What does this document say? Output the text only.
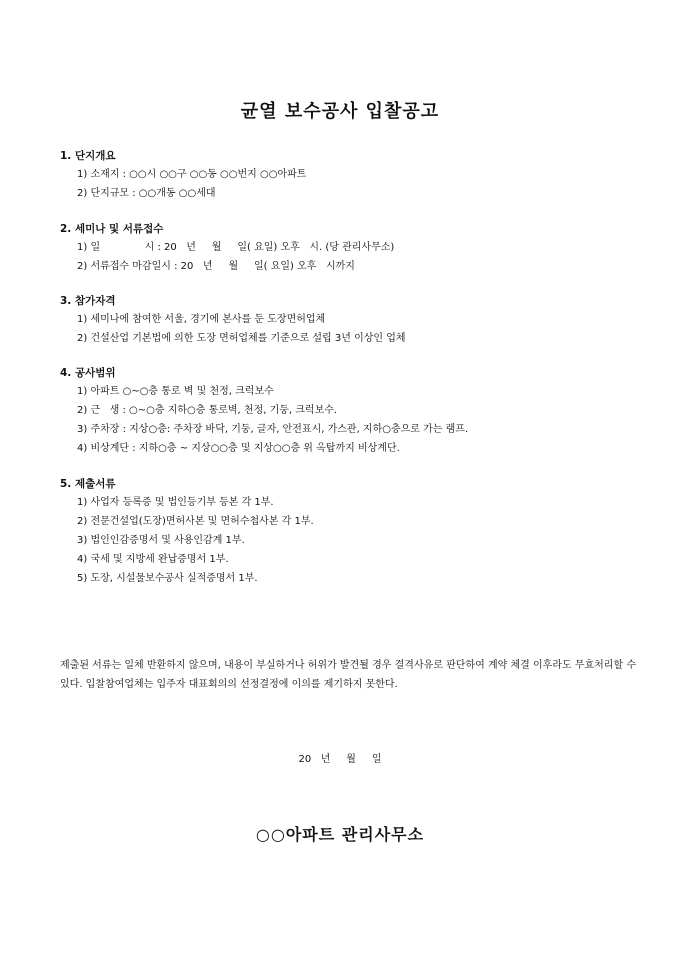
균열 보수공사 입찰공고
1. 단지개요
1) 소재지 : ○○시 ○○구 ○○동 ○○번지 ○○아파트
2) 단지규모 : ○○개동 ○○세대
2. 세미나 및 서류접수
1) 일              시 : 20   년     월     일( 요일) 오후   시. (당 관리사무소)
2) 서류접수 마감일시 : 20   년     월     일( 요일) 오후   시까지
3. 참가자격
1) 세미나에 참여한 서울, 경기에 본사를 둔 도장면허업체
2) 건설산업 기본법에 의한 도장 면허업체를 기준으로 설립 3년 이상인 업체
4. 공사범위
1) 아파트 ○~○층 통로 벽 및 천정, 크럭보수
2) 근   생 : ○~○층 지하○층 통로벽, 천정, 기둥, 크럭보수.
3) 주차장 : 지상○층: 주차장 바닥, 기둥, 글자, 안전표시, 가스관, 지하○층으로 가는 램프.
4) 비상계단 : 지하○층 ~ 지상○○층 및 지상○○층 위 옥탑까지 비상계단.
5. 제출서류
1) 사업자 등록증 및 법인등기부 등본 각 1부.
2) 전문건설업(도장)면허사본 및 면허수첩사본 각 1부.
3) 법인인감증명서 및 사용인감계 1부.
4) 국세 및 지방세 완납증명서 1부.
5) 도장, 시설물보수공사 실적증명서 1부.
제출된 서류는 일체 반환하지 않으며, 내용이 부실하거나 허위가 발견될 경우 결격사유로 판단하여 계약 체결 이후라도 무효처리할 수 있다. 입찰참여업체는 입주자 대표회의의 선정결정에 이의를 제기하지 못한다.
20   년     월     일
○○아파트 관리사무소
